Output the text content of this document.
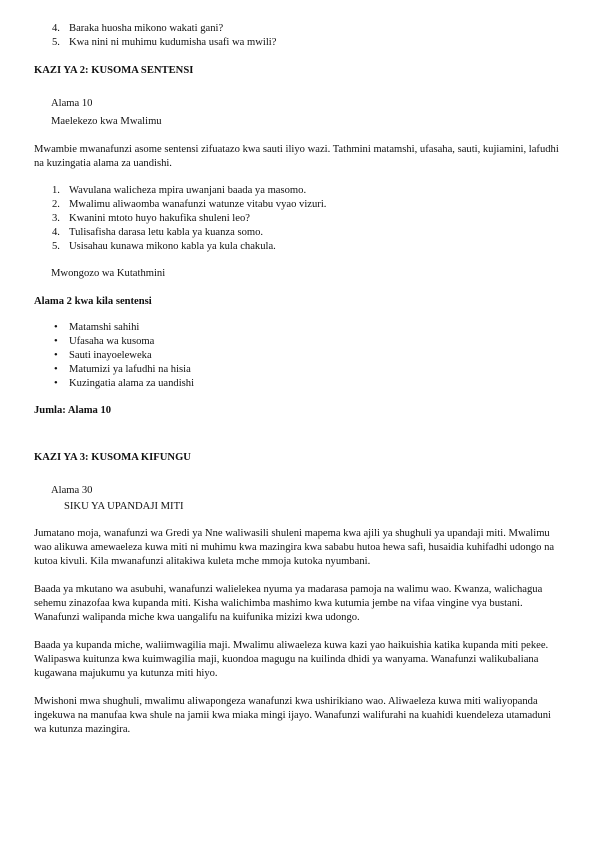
4. Baraka huosha mikono wakati gani?
5. Kwa nini ni muhimu kudumisha usafi wa mwili?
KAZI YA 2: KUSOMA SENTENSI
Alama 10
Maelekezo kwa Mwalimu

Mwambie mwanafunzi asome sentensi zifuatazo kwa sauti iliyo wazi. Tathmini matamshi, ufasaha, sauti, kujiamini, lafudhi na kuzingatia alama za uandishi.

1. Wavulana walicheza mpira uwanjani baada ya masomo.
2. Mwalimu aliwaomba wanafunzi watunze vitabu vyao vizuri.
3. Kwanini mtoto huyo hakufika shuleni leo?
4. Tulisafisha darasa letu kabla ya kuanza somo.
5. Usisahau kunawa mikono kabla ya kula chakula.
Mwongozo wa Kutathmini
Alama 2 kwa kila sentensi
• Matamshi sahihi
• Ufasaha wa kusoma
• Sauti inayoeleweka
• Matumizi ya lafudhi na hisia
• Kuzingatia alama za uandishi
Jumla: Alama 10
KAZI YA 3: KUSOMA KIFUNGU
Alama 30
SIKU YA UPANDAJI MITI

Jumatano moja, wanafunzi wa Gredi ya Nne waliwasili shuleni mapema kwa ajili ya shughuli ya upandaji miti. Mwalimu wao alikuwa amewaeleza kuwa miti ni muhimu kwa mazingira kwa sababu hutoa hewa safi, husaidia kuhifadhi udongo na kutoa kivuli. Kila mwanafunzi alitakiwa kuleta mche mmoja kutoka nyumbani.

Baada ya mkutano wa asubuhi, wanafunzi walielekea nyuma ya madarasa pamoja na walimu wao. Kwanza, walichagua sehemu zinazofaa kwa kupanda miti. Kisha walichimba mashimo kwa kutumia jembe na vifaa vingine vya bustani. Wanafunzi walipanda miche kwa uangalifu na kuifunika mizizi kwa udongo.

Baada ya kupanda miche, waliimwagilia maji. Mwalimu aliwaeleza kuwa kazi yao haikuishia katika kupanda miti pekee. Walipaswa kuitunza kwa kuimwagilia maji, kuondoa magugu na kuilinda dhidi ya wanyama. Wanafunzi walikubaliana kugawana majukumu ya kutunza miti hiyo.

Mwishoni mwa shughuli, mwalimu aliwapongeza wanafunzi kwa ushirikiano wao. Aliwaeleza kuwa miti waliyopanda ingekuwa na manufaa kwa shule na jamii kwa miaka mingi ijayo. Wanafunzi walifurahi na kuahidi kuendeleza utamaduni wa kutunza mazingira.
